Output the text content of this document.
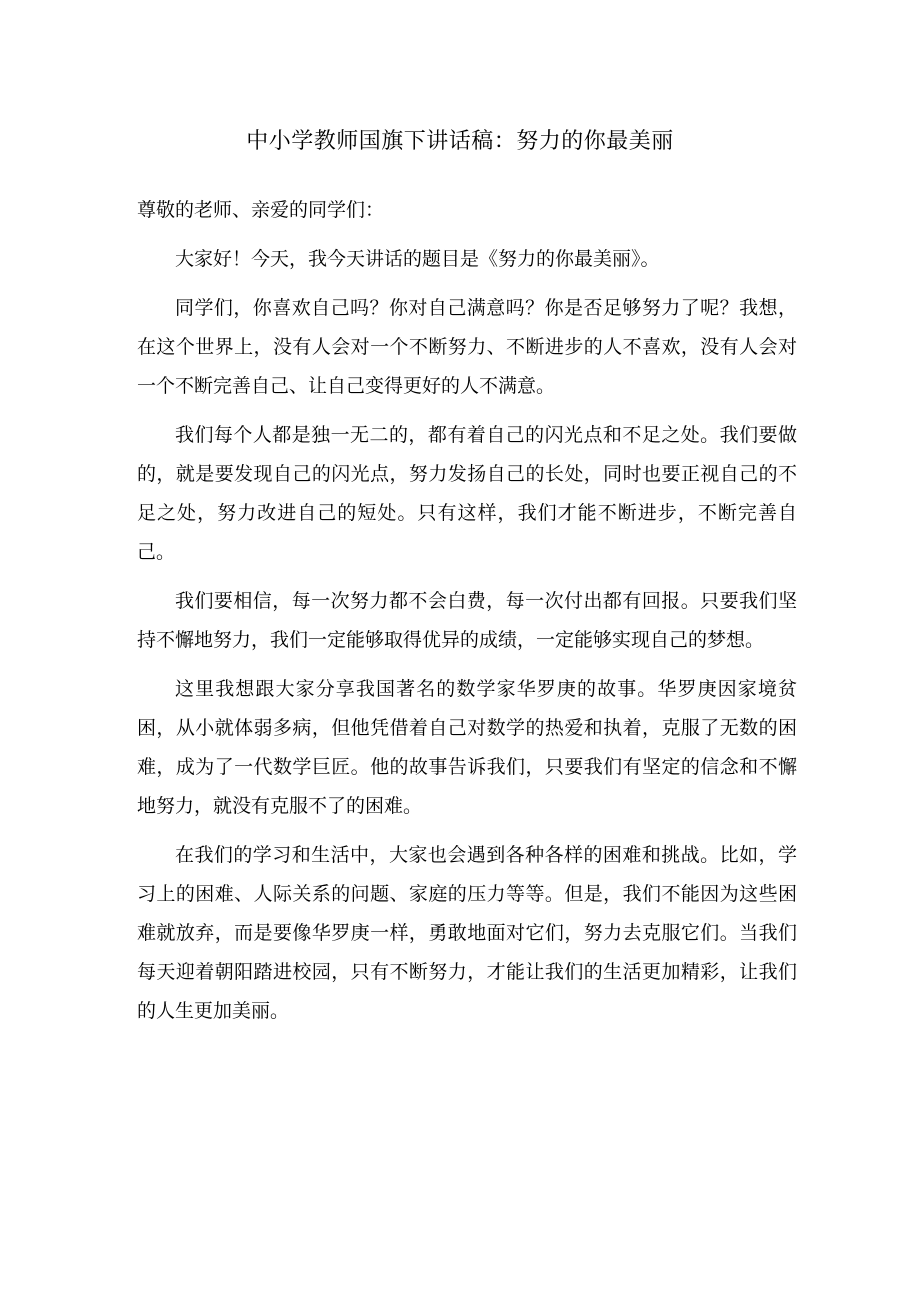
中小学教师国旗下讲话稿：努力的你最美丽

尊敬的老师、亲爱的同学们：

大家好！今天，我今天讲话的题目是《努力的你最美丽》。

同学们，你喜欢自己吗？你对自己满意吗？你是否足够努力了呢？我想，在这个世界上，没有人会对一个不断努力、不断进步的人不喜欢，没有人会对一个不断完善自己、让自己变得更好的人不满意。

我们每个人都是独一无二的，都有着自己的闪光点和不足之处。我们要做的，就是要发现自己的闪光点，努力发扬自己的长处，同时也要正视自己的不足之处，努力改进自己的短处。只有这样，我们才能不断进步，不断完善自己。

我们要相信，每一次努力都不会白费，每一次付出都有回报。只要我们坚持不懈地努力，我们一定能够取得优异的成绩，一定能够实现自己的梦想。

这里我想跟大家分享我国著名的数学家华罗庚的故事。华罗庚因家境贫困，从小就体弱多病，但他凭借着自己对数学的热爱和执着，克服了无数的困难，成为了一代数学巨匠。他的故事告诉我们，只要我们有坚定的信念和不懈地努力，就没有克服不了的困难。

在我们的学习和生活中，大家也会遇到各种各样的困难和挑战。比如，学习上的困难、人际关系的问题、家庭的压力等等。但是，我们不能因为这些困难就放弃，而是要像华罗庚一样，勇敢地面对它们，努力去克服它们。当我们每天迎着朝阳踏进校园，只有不断努力，才能让我们的生活更加精彩，让我们的人生更加美丽。
